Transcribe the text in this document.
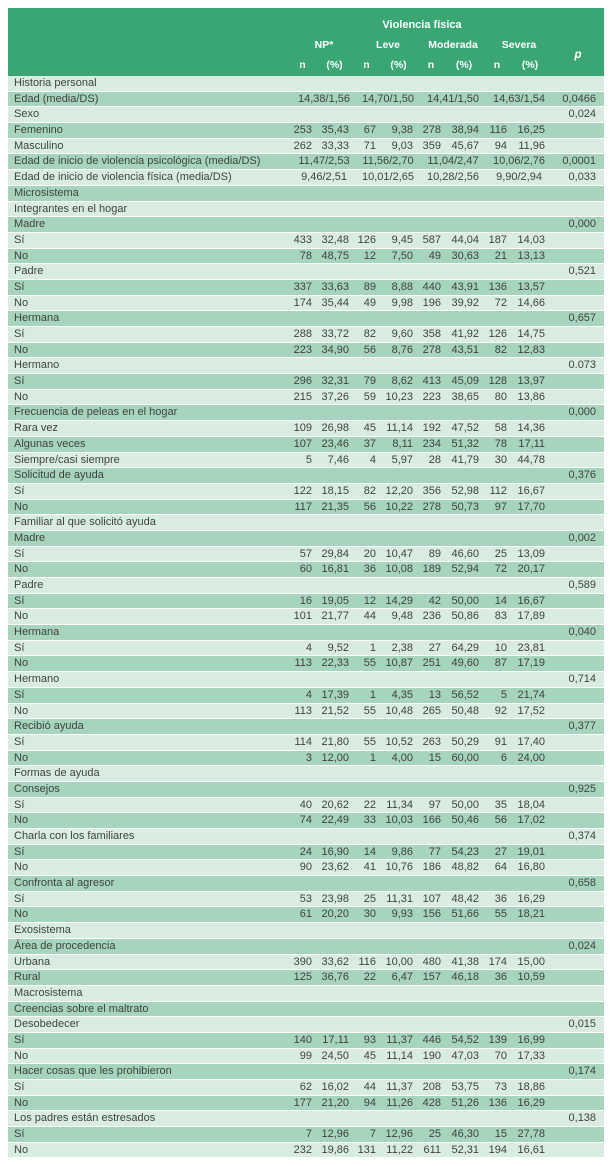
	Violencia física								
	NP*		Leve		Moderada		Severa		p
	n	(%)	n	(%)	n	(%)	n	(%)	
Historia personal									
Edad (media/DS)	14,38/1,56		14,70/1,50		14,41/1,50		14,63/1,54		0,0466
Sexo									0,024
Femenino	253	35,43	67	9,38	278	38,94	116	16,25	
Masculino	262	33,33	71	9,03	359	45,67	94	11,96	
Edad de inicio de violencia psicológica (media/DS)	11,47/2,53		11,56/2,70		11,04/2,47		10,06/2,76		0,0001
Edad de inicio de violencia física (media/DS)	9,46/2,51		10,01/2,65		10,28/2,56		9,90/2,94		0,033
Microsistema									
Integrantes en el hogar									
Madre									0,000
Sí	433	32,48	126	9,45	587	44,04	187	14,03	
No	78	48,75	12	7,50	49	30,63	21	13,13	
Padre									0,521
Sí	337	33,63	89	8,88	440	43,91	136	13,57	
No	174	35,44	49	9,98	196	39,92	72	14,66	
Hermana									0,657
Sí	288	33,72	82	9,60	358	41,92	126	14,75	
No	223	34,90	56	8,76	278	43,51	82	12,83	
Hermano									0.073
Sí	296	32,31	79	8,62	413	45,09	128	13,97	
No	215	37,26	59	10,23	223	38,65	80	13,86	
Frecuencia de peleas en el hogar									0,000
Rara vez	109	26,98	45	11,14	192	47,52	58	14,36	
Algunas veces	107	23,46	37	8,11	234	51,32	78	17,11	
Siempre/casi siempre	5	7,46	4	5,97	28	41,79	30	44,78	
Solicitud de ayuda									0,376
Sí	122	18,15	82	12,20	356	52,98	112	16,67	
No	117	21,35	56	10,22	278	50,73	97	17,70	
Familiar al que solicitó ayuda									
Madre									0,002
Sí	57	29,84	20	10,47	89	46,60	25	13,09	
No	60	16,81	36	10,08	189	52,94	72	20,17	
Padre									0,589
Sí	16	19,05	12	14,29	42	50,00	14	16,67	
No	101	21,77	44	9,48	236	50,86	83	17,89	
Hermana									0,040
Sí	4	9,52	1	2,38	27	64,29	10	23,81	
No	113	22,33	55	10,87	251	49,60	87	17,19	
Hermano									0,714
Sí	4	17,39	1	4,35	13	56,52	5	21,74	
No	113	21,52	55	10,48	265	50,48	92	17,52	
Recibió ayuda									0,377
Sí	114	21,80	55	10,52	263	50,29	91	17,40	
No	3	12,00	1	4,00	15	60,00	6	24,00	
Formas de ayuda									
Consejos									0,925
Sí	40	20,62	22	11,34	97	50,00	35	18,04	
No	74	22,49	33	10,03	166	50,46	56	17,02	
Charla con los familiares									0,374
Sí	24	16,90	14	9,86	77	54,23	27	19,01	
No	90	23,62	41	10,76	186	48,82	64	16,80	
Confronta al agresor									0,658
Sí	53	23,98	25	11,31	107	48,42	36	16,29	
No	61	20,20	30	9,93	156	51,66	55	18,21	
Exosistema									
Área de procedencia									0,024
Urbana	390	33,62	116	10,00	480	41,38	174	15,00	
Rural	125	36,76	22	6,47	157	46,18	36	10,59	
Macrosistema									
Creencias sobre el maltrato									
Desobedecer									0,015
Sí	140	17,11	93	11,37	446	54,52	139	16,99	
No	99	24,50	45	11,14	190	47,03	70	17,33	
Hacer cosas que les prohibieron									0,174
Sí	62	16,02	44	11,37	208	53,75	73	18,86	
No	177	21,20	94	11,26	428	51,26	136	16,29	
Los padres están estresados									0,138
Sí	7	12,96	7	12,96	25	46,30	15	27,78	
No	232	19,86	131	11,22	611	52,31	194	16,61	
